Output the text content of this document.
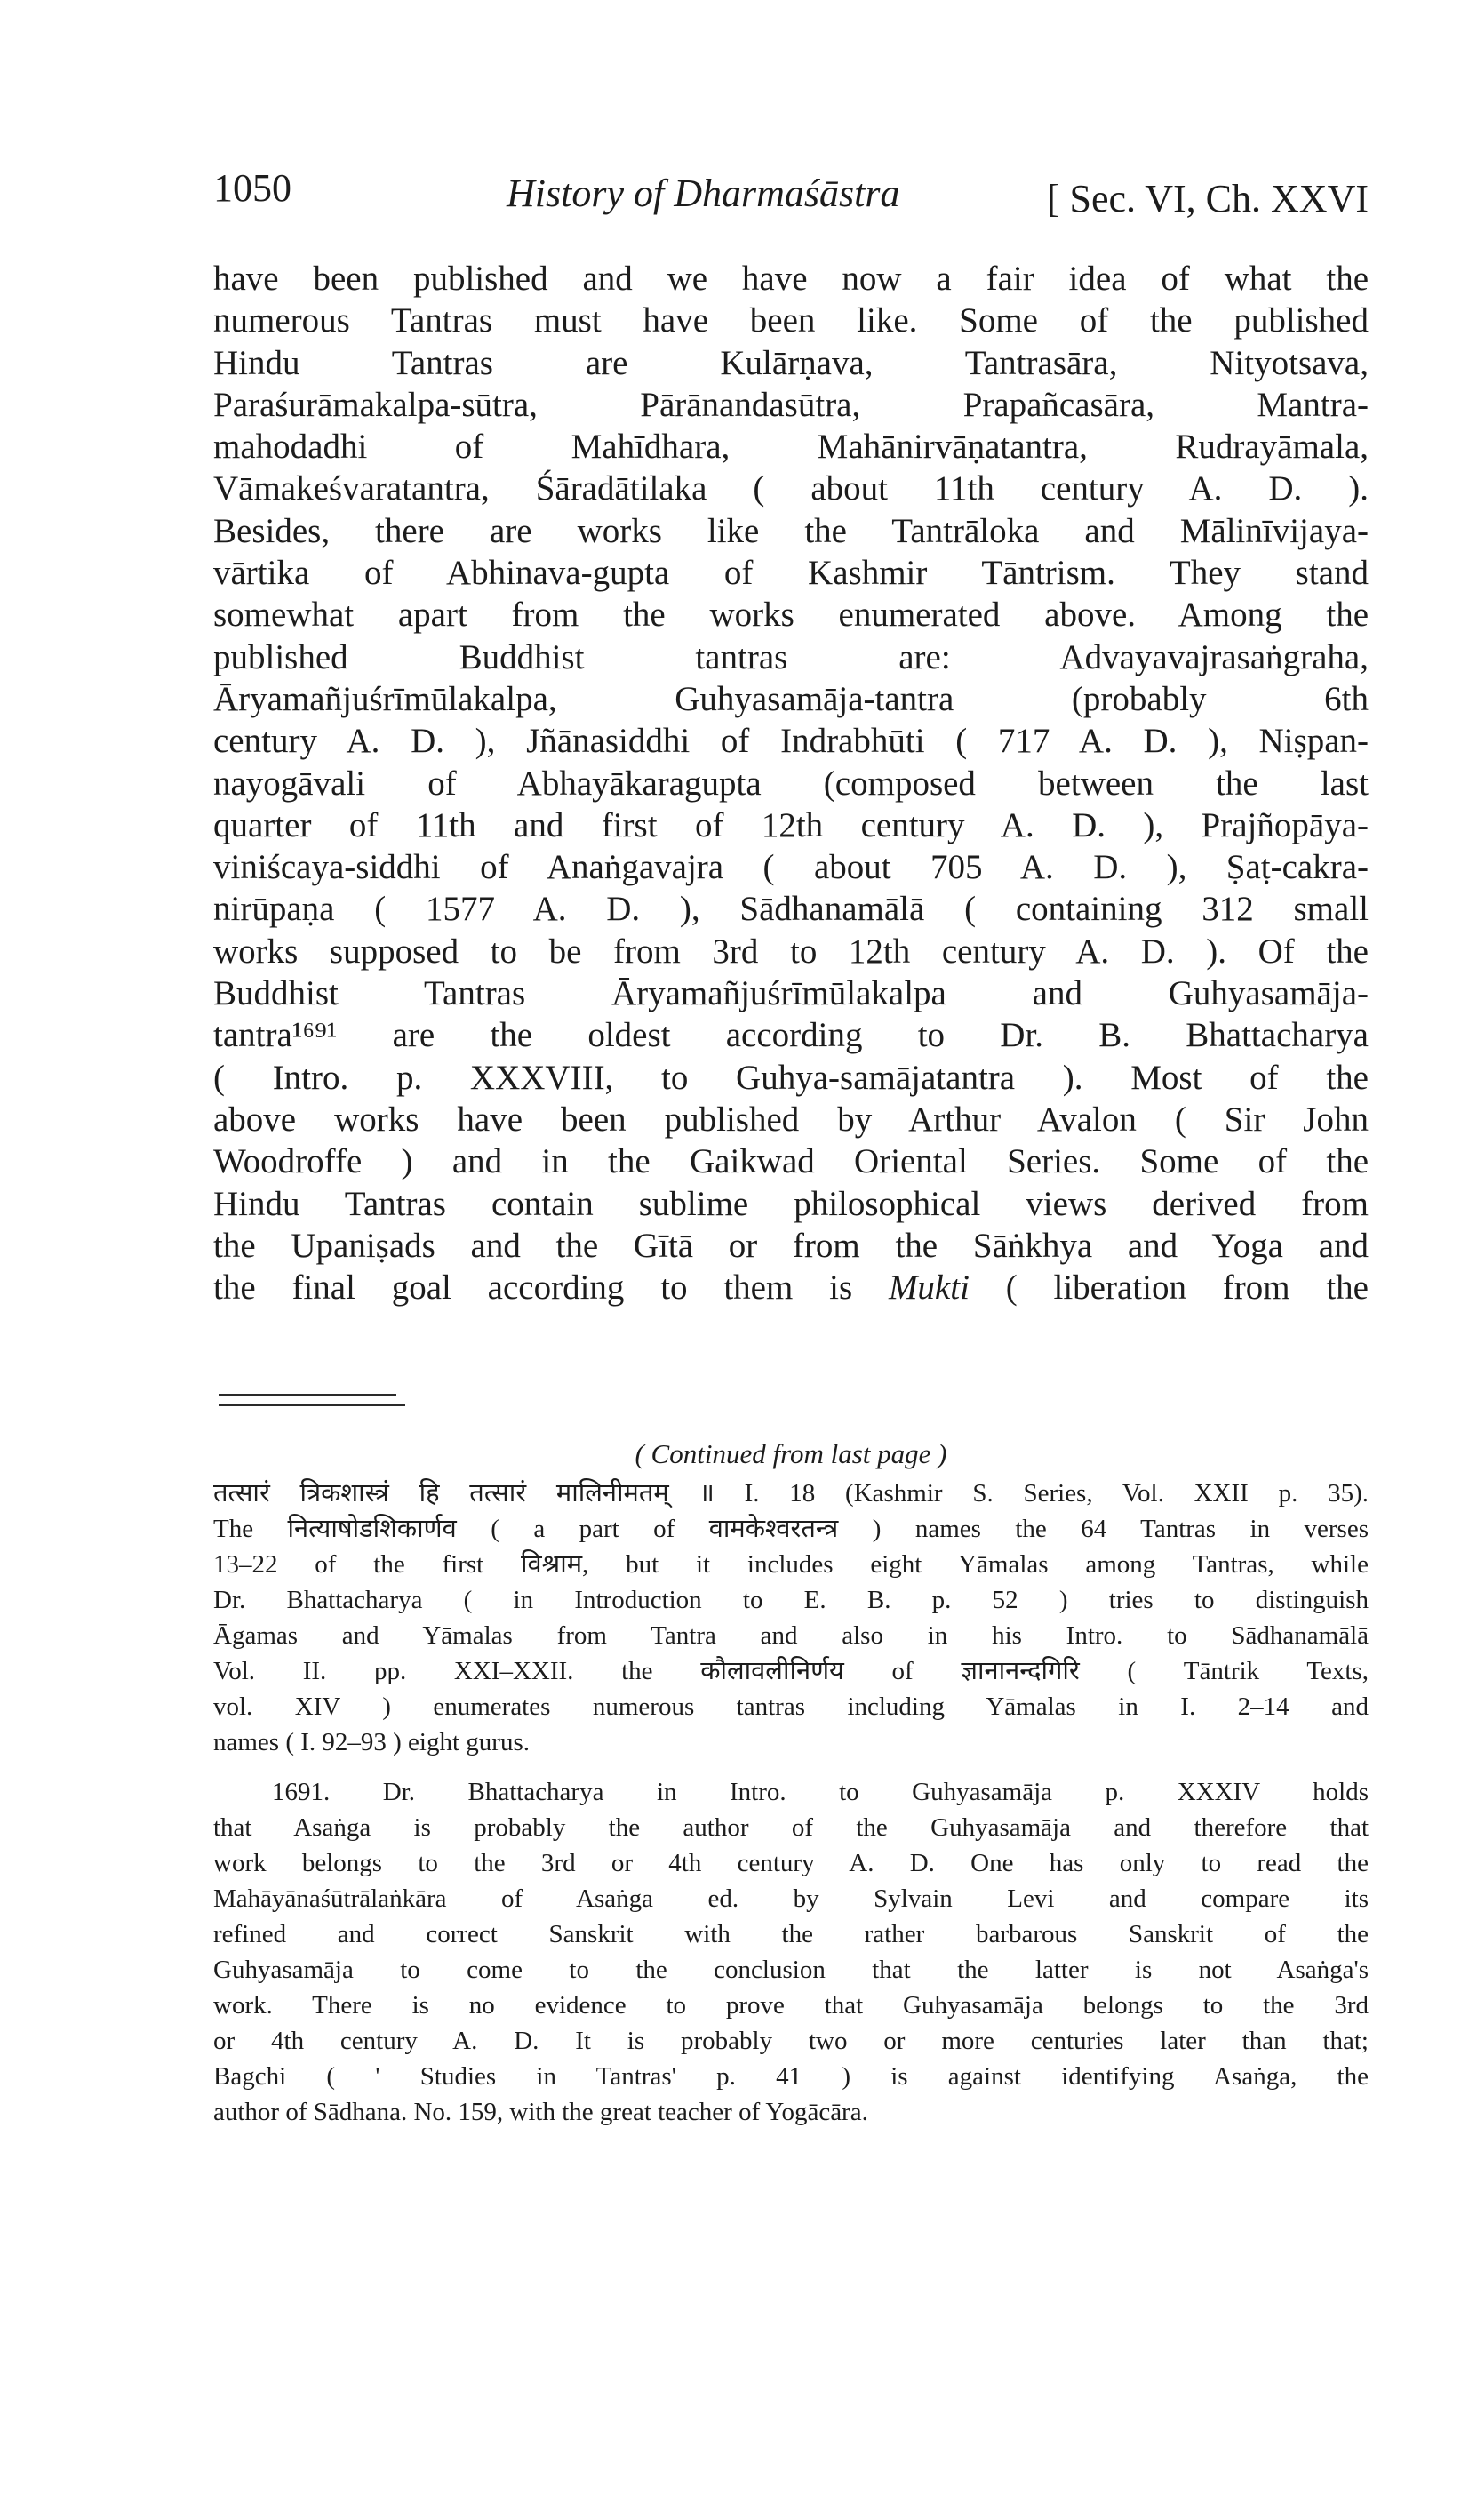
1050	History of Dharmaśāstra	[ Sec. VI, Ch. XXVI
have been published and we have now a fair idea of what the
numerous Tantras must have been like. Some of the published
Hindu Tantras are Kulārṇava, Tantrasāra, Nityotsava,
Paraśurāmakalpa-sūtra, Pārānandasūtra, Prapañcasāra, Mantra-
mahodadhi of Mahīdhara, Mahānirvāṇatantra, Rudrayāmala,
Vāmakeśvaratantra, Śāradātilaka ( about 11th century A. D. ).
Besides, there are works like the Tantrāloka and Mālinīvijaya-
vārtika of Abhinava-gupta of Kashmir Tāntrism. They stand
somewhat apart from the works enumerated above. Among the
published Buddhist tantras are: Advayavajrasaṅgraha,
Āryamañjuśrīmūlakalpa, Guhyasamāja-tantra (probably 6th
century A. D. ), Jñānasiddhi of Indrabhūti ( 717 A. D. ), Niṣpan-
nayogāvali of Abhayākaragupta (composed between the last
quarter of 11th and first of 12th century A. D. ), Prajñopāya-
viniścaya-siddhi of Anaṅgavajra ( about 705 A. D. ), Ṣaṭ-cakra-
nirūpaṇa ( 1577 A. D. ), Sādhanamālā ( containing 312 small
works supposed to be from 3rd to 12th century A. D. ). Of the
Buddhist Tantras Āryamañjuśrīmūlakalpa and Guhyasamāja-
tantra¹⁶⁹¹ are the oldest according to Dr. B. Bhattacharya
( Intro. p. XXXVIII, to Guhya-samājatantra ). Most of the
above works have been published by Arthur Avalon ( Sir John
Woodroffe ) and in the Gaikwad Oriental Series. Some of the
Hindu Tantras contain sublime philosophical views derived from
the Upaniṣads and the Gītā or from the Sāṅkhya and Yoga and
the final goal according to them is Mukti ( liberation from the
( Continued from last page )
तत्सारं त्रिकशास्त्रं हि तत्सारं मालिनीमतम् ॥ I. 18 (Kashmir S. Series, Vol. XXII p. 35).
The नित्याषोडशिकार्णव ( a part of वामकेश्वरतन्त्र ) names the 64 Tantras in verses
13–22 of the first विश्राम, but it includes eight Yāmalas among Tantras, while
Dr. Bhattacharya ( in Introduction to E. B. p. 52 ) tries to distinguish
Āgamas and Yāmalas from Tantra and also in his Intro. to Sādhanamālā
Vol. II. pp. XXI–XXII. the कौलावलीनिर्णय of ज्ञानानन्दगिरि ( Tāntrik Texts,
vol. XIV ) enumerates numerous tantras including Yāmalas in I. 2–14 and
names ( I. 92–93 ) eight gurus.
1691. Dr. Bhattacharya in Intro. to Guhyasamāja p. XXXIV holds
that Asaṅga is probably the author of the Guhyasamāja and therefore that
work belongs to the 3rd or 4th century A. D. One has only to read the
Mahāyānaśūtrālaṅkāra of Asaṅga ed. by Sylvain Levi and compare its
refined and correct Sanskrit with the rather barbarous Sanskrit of the
Guhyasamāja to come to the conclusion that the latter is not Asaṅga's
work. There is no evidence to prove that Guhyasamāja belongs to the 3rd
or 4th century A. D. It is probably two or more centuries later than that;
Bagchi ( ' Studies in Tantras' p. 41 ) is against identifying Asaṅga, the
author of Sādhana. No. 159, with the great teacher of Yogācāra.
